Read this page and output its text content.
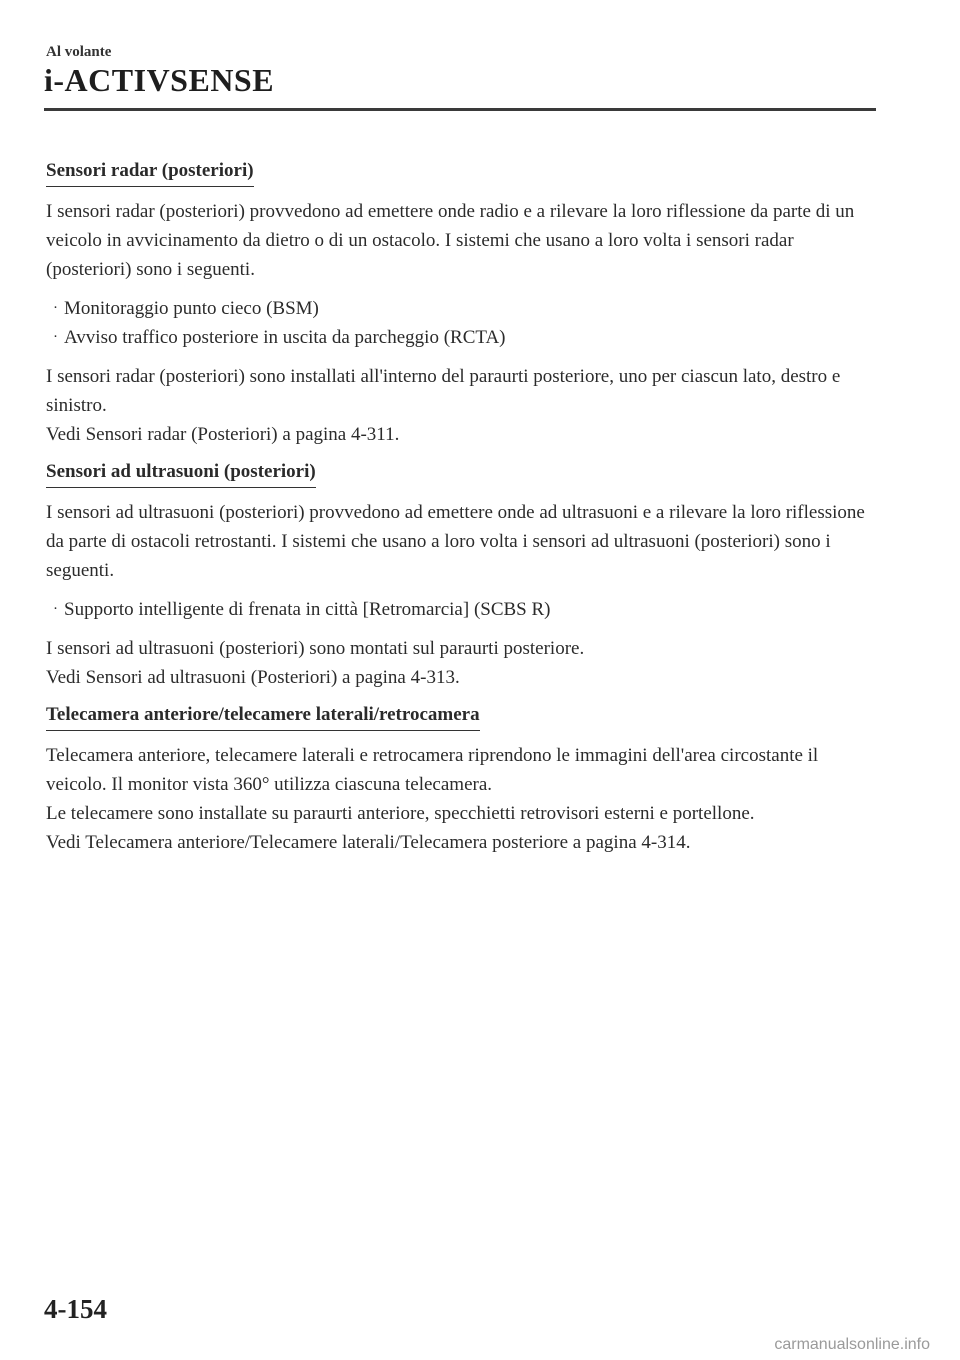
Al volante
i-ACTIVSENSE
Sensori radar (posteriori)

I sensori radar (posteriori) provvedono ad emettere onde radio e a rilevare la loro riflessione da parte di un veicolo in avvicinamento da dietro o di un ostacolo. I sistemi che usano a loro volta i sensori radar (posteriori) sono i seguenti.

· Monitoraggio punto cieco (BSM)
· Avviso traffico posteriore in uscita da parcheggio (RCTA)

I sensori radar (posteriori) sono installati all'interno del paraurti posteriore, uno per ciascun lato, destro e sinistro.
Vedi Sensori radar (Posteriori) a pagina 4-311.

Sensori ad ultrasuoni (posteriori)

I sensori ad ultrasuoni (posteriori) provvedono ad emettere onde ad ultrasuoni e a rilevare la loro riflessione da parte di ostacoli retrostanti. I sistemi che usano a loro volta i sensori ad ultrasuoni (posteriori) sono i seguenti.

· Supporto intelligente di frenata in città [Retromarcia] (SCBS R)

I sensori ad ultrasuoni (posteriori) sono montati sul paraurti posteriore.
Vedi Sensori ad ultrasuoni (Posteriori) a pagina 4-313.

Telecamera anteriore/telecamere laterali/retrocamera

Telecamera anteriore, telecamere laterali e retrocamera riprendono le immagini dell'area circostante il veicolo. Il monitor vista 360° utilizza ciascuna telecamera.
Le telecamere sono installate su paraurti anteriore, specchietti retrovisori esterni e portellone.
Vedi Telecamera anteriore/Telecamere laterali/Telecamera posteriore a pagina 4-314.

4-154
carmanualsonline.info
